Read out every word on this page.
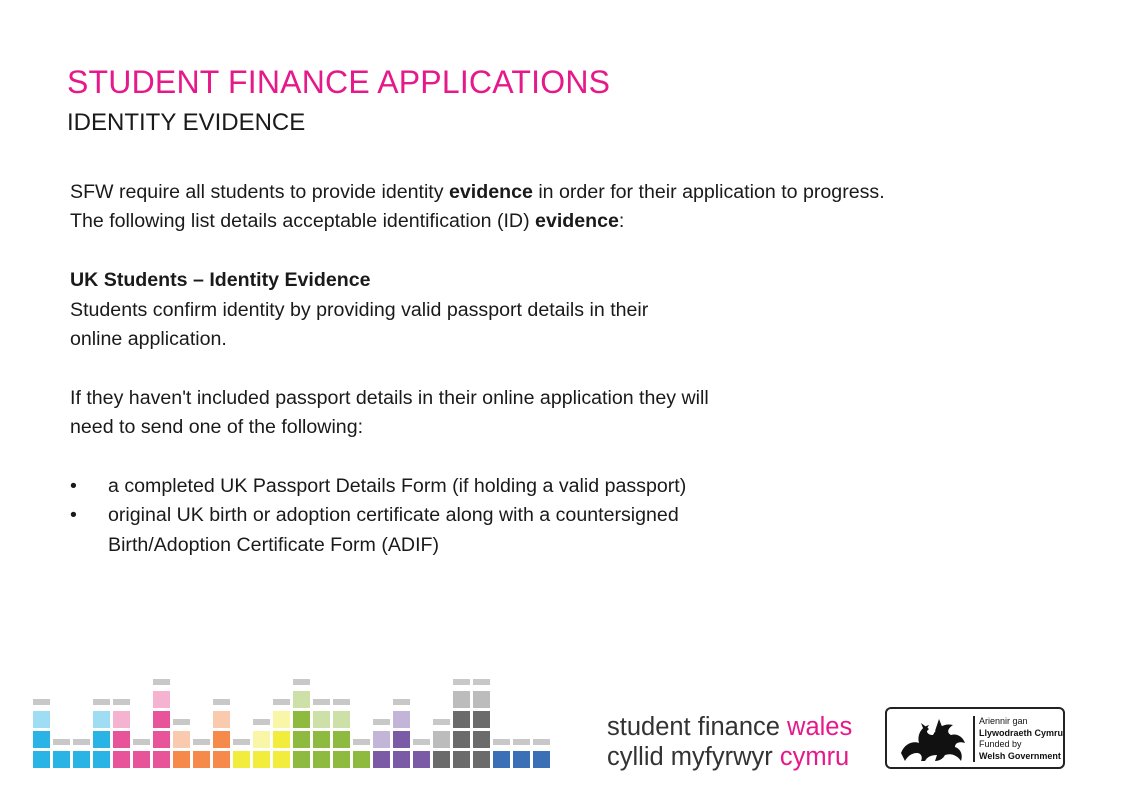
STUDENT FINANCE APPLICATIONS
IDENTITY EVIDENCE

SFW require all students to provide identity evidence in order for their application to progress. The following list details acceptable identification (ID) evidence:

UK Students – Identity Evidence

Students confirm identity by providing valid passport details in their

online application.

If they haven't included passport details in their online application they will

need to send one of the following:

•	a completed UK Passport Details Form (if holding a valid passport)

•	original UK birth or adoption certificate along with a countersigned

Birth/Adoption Certificate Form (ADIF)

student finance wales
cyllid myfyrwyr cymru
Ariennir gan
Llywodraeth Cymru
Funded by
Welsh Government
